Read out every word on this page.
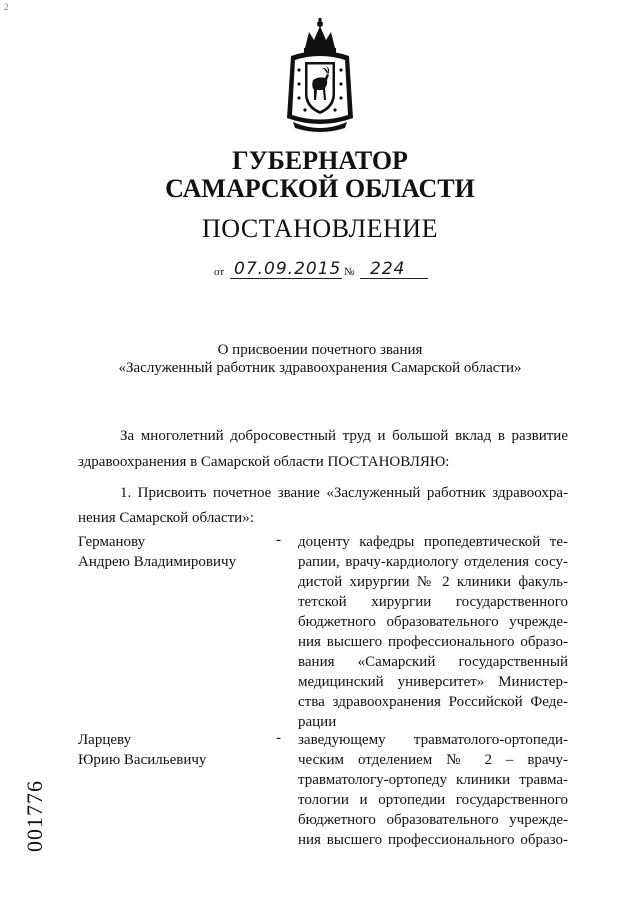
2
ГУБЕРНАТОР
САМАРСКОЙ ОБЛАСТИ
ПОСТАНОВЛЕНИЕ
от 07.09.2015 № 224
О присвоении почетного звания
«Заслуженный работник здравоохранения Самарской области»
За многолетний добросовестный труд и большой вклад в развитие
здравоохранения в Самарской области ПОСТАНОВЛЯЮ:
1. Присвоить почетное звание «Заслуженный работник здравоохра-
нения Самарской области»:
Германову
Андрею Владимировичу
- доценту кафедры пропедевтической те-
рапии, врачу-кардиологу отделения сосу-
дистой хирургии № 2 клиники факуль-
тетской хирургии государственного
бюджетного образовательного учрежде-
ния высшего профессионального образо-
вания «Самарский государственный
медицинский университет» Министер-
ства здравоохранения Российской Феде-
рации
Ларцеву
Юрию Васильевичу
- заведующему травматолого-ортопеди-
ческим отделением № 2 – врачу-
травматологу-ортопеду клиники травма-
тологии и ортопедии государственного
бюджетного образовательного учрежде-
ния высшего профессионального образо-
001776
